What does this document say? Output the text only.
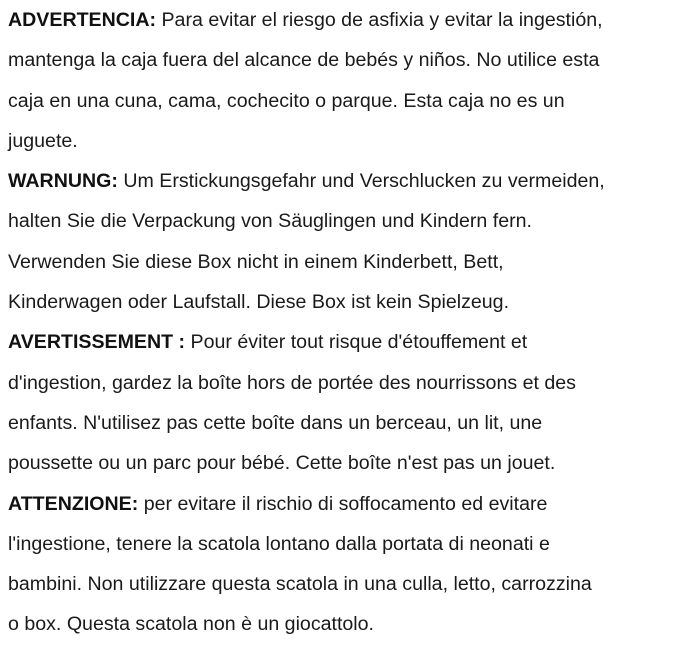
ADVERTENCIA: Para evitar el riesgo de asfixia y evitar la ingestión,
mantenga la caja fuera del alcance de bebés y niños. No utilice esta
caja en una cuna, cama, cochecito o parque. Esta caja no es un
juguete.
WARNUNG: Um Erstickungsgefahr und Verschlucken zu vermeiden,
halten Sie die Verpackung von Säuglingen und Kindern fern.
Verwenden Sie diese Box nicht in einem Kinderbett, Bett,
Kinderwagen oder Laufstall. Diese Box ist kein Spielzeug.
AVERTISSEMENT : Pour éviter tout risque d'étouffement et
d'ingestion, gardez la boîte hors de portée des nourrissons et des
enfants. N'utilisez pas cette boîte dans un berceau, un lit, une
poussette ou un parc pour bébé. Cette boîte n'est pas un jouet.
ATTENZIONE: per evitare il rischio di soffocamento ed evitare
l'ingestione, tenere la scatola lontano dalla portata di neonati e
bambini. Non utilizzare questa scatola in una culla, letto, carrozzina
o box. Questa scatola non è un giocattolo.
